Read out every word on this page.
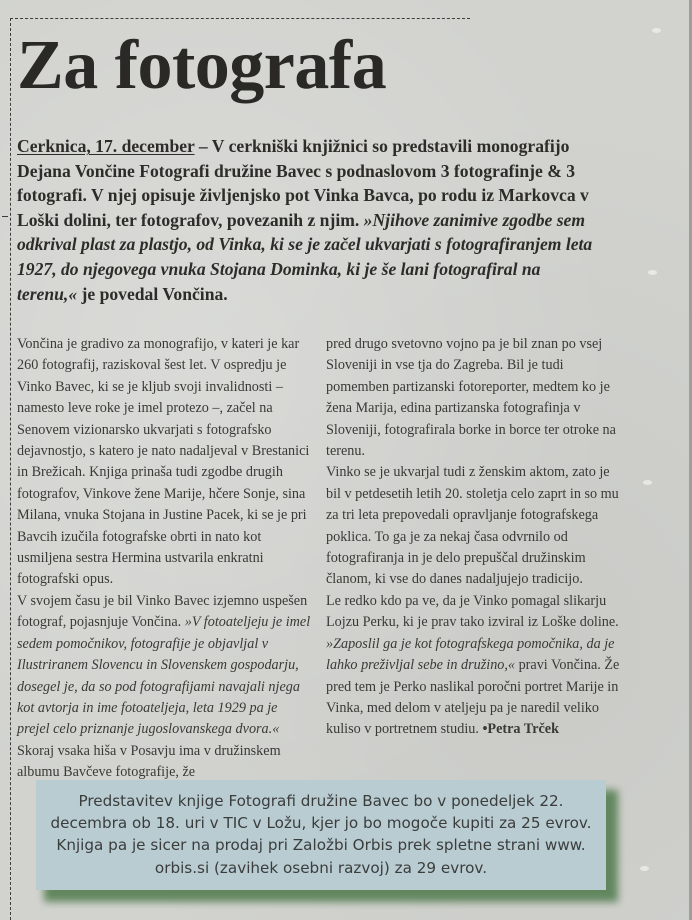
Za fotografa

Cerknica, 17. december – V cerkniški knjižnici so predstavili monografijo Dejana Vončine Fotografi družine Bavec s podnaslovom 3 fotografinje & 3 fotografi. V njej opisuje življenjsko pot Vinka Bavca, po rodu iz Markovca v Loški dolini, ter fotografov, povezanih z njim. »Njihove zanimive zgodbe sem odkrival plast za plastjo, od Vinka, ki se je začel ukvarjati s fotografiranjem leta 1927, do njegovega vnuka Stojana Dominka, ki je še lani fotografiral na terenu,« je povedal Vončina.

Vončina je gradivo za monografijo, v kateri je kar 260 fotografij, raziskoval šest let. V ospredju je Vinko Bavec, ki se je kljub svoji invalidnosti – namesto leve roke je imel protezo –, začel na Senovem vizionarsko ukvarjati s fotografsko dejavnostjo, s katero je nato nadaljeval v Brestanici in Brežicah. Knjiga prinaša tudi zgodbe drugih fotografov, Vinkove žene Marije, hčere Sonje, sina Milana, vnuka Stojana in Justine Pacek, ki se je pri Bavcih izučila fotografske obrti in nato kot usmiljena sestra Hermina ustvarila enkratni fotografski opus.

V svojem času je bil Vinko Bavec izjemno uspešen fotograf, pojasnjuje Vončina. »V fotoateljeju je imel sedem pomočnikov, fotografije je objavljal v Ilustriranem Slovencu in Slovenskem gospodarju, dosegel je, da so pod fotografijami navajali njega kot avtorja in ime fotoateljeja, leta 1929 pa je prejel celo priznanje jugoslovanskega dvora.« Skoraj vsaka hiša v Posavju ima v družinskem albumu Bavčeve fotografije, že

pred drugo svetovno vojno pa je bil znan po vsej Sloveniji in vse tja do Zagreba. Bil je tudi pomemben partizanski fotoreporter, medtem ko je žena Marija, edina partizanska fotografinja v Sloveniji, fotografirala borke in borce ter otroke na terenu.

Vinko se je ukvarjal tudi z ženskim aktom, zato je bil v petdesetih letih 20. stoletja celo zaprt in so mu za tri leta prepovedali opravljanje fotografskega poklica. To ga je za nekaj časa odvrnilo od fotografiranja in je delo prepuščal družinskim članom, ki vse do danes nadaljujejo tradicijo.

Le redko kdo pa ve, da je Vinko pomagal slikarju Lojzu Perku, ki je prav tako izviral iz Loške doline. »Zaposlil ga je kot fotografskega pomočnika, da je lahko preživljal sebe in družino,« pravi Vončina. Že pred tem je Perko naslikal poročni portret Marije in Vinka, med delom v ateljeju pa je naredil veliko kuliso v portretnem studiu. •Petra Trček

Predstavitev knjige Fotografi družine Bavec bo v ponedeljek 22.
decembra ob 18. uri v TIC v Ložu, kjer jo bo mogoče kupiti za 25 evrov.
Knjiga pa je sicer na prodaj pri Založbi Orbis prek spletne strani www.
orbis.si (zavihek osebni razvoj) za 29 evrov.
